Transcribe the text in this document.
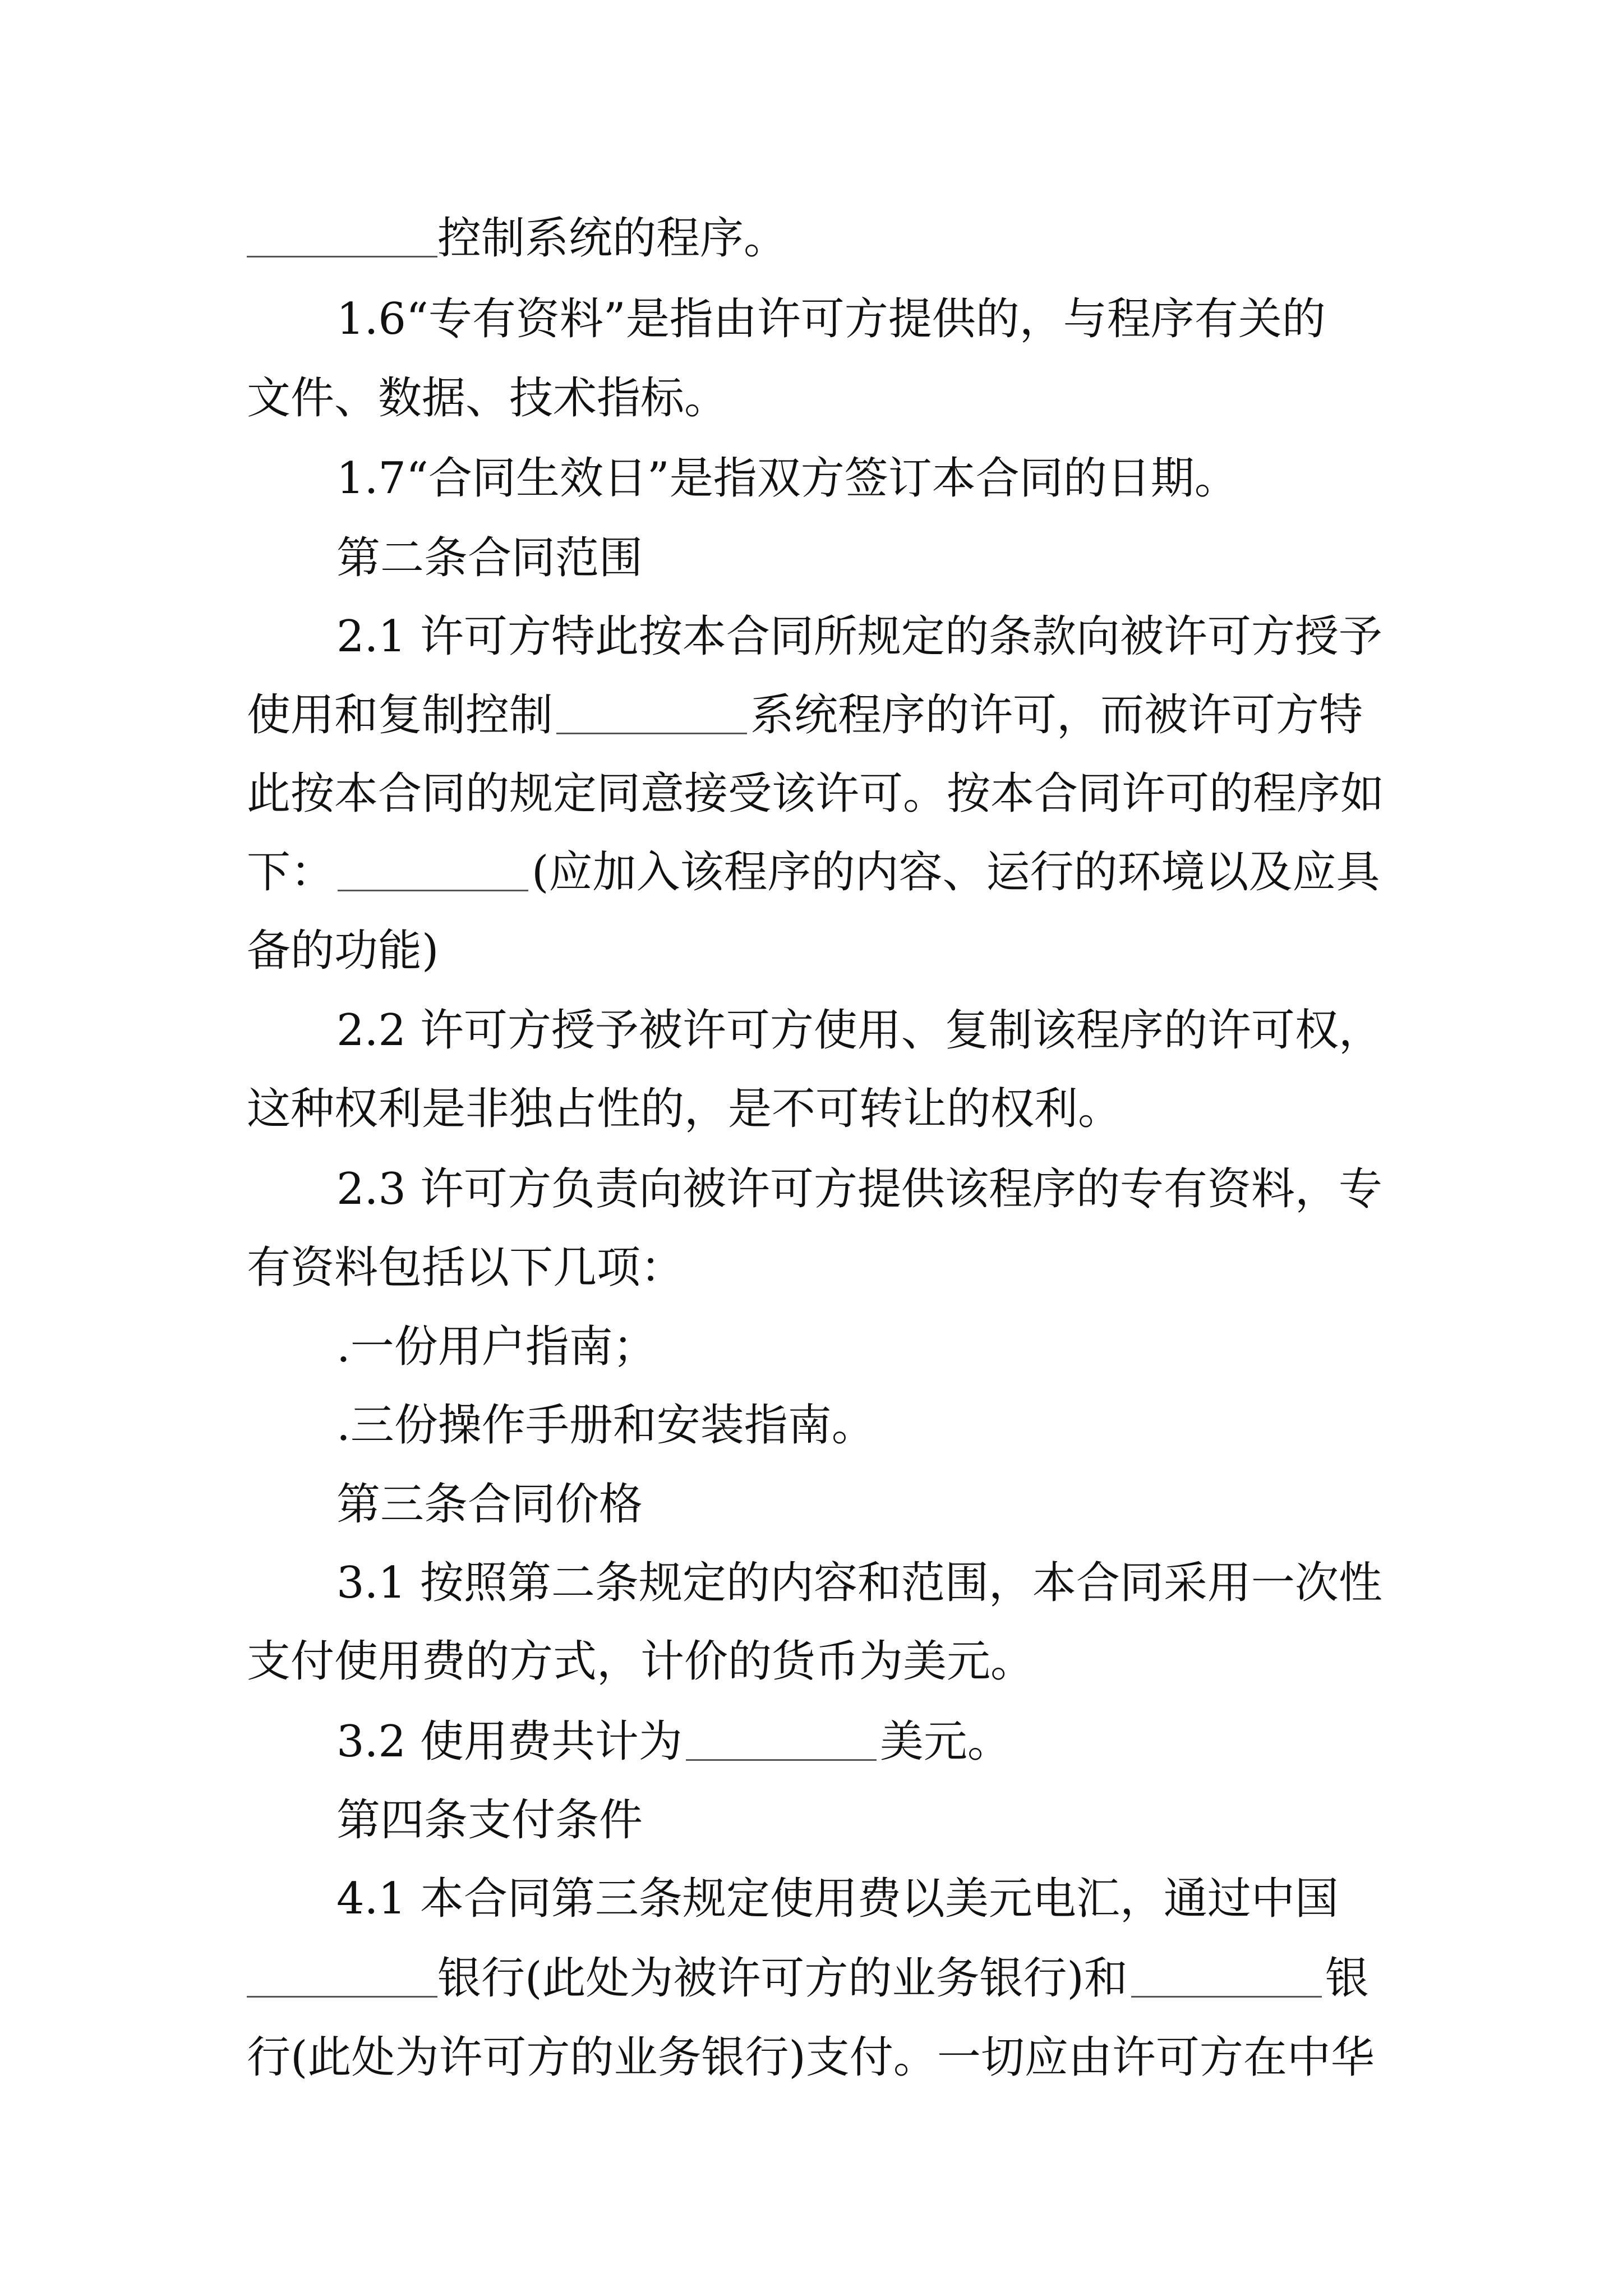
控制系统的程序。
1.6“专有资料”是指由许可方提供的，与程序有关的
文件、数据、技术指标。
1.7“合同生效日”是指双方签订本合同的日期。
第二条合同范围
2.1 许可方特此按本合同所规定的条款向被许可方授予
使用和复制控制	系统程序的许可，而被许可方特
此按本合同的规定同意接受该许可。按本合同许可的程序如
下：	(应加入该程序的内容、运行的环境以及应具
备的功能)
2.2 许可方授予被许可方使用、复制该程序的许可权，
这种权利是非独占性的，是不可转让的权利。
2.3 许可方负责向被许可方提供该程序的专有资料，专
有资料包括以下几项：
.一份用户指南；
.三份操作手册和安装指南。
第三条合同价格
3.1 按照第二条规定的内容和范围，本合同采用一次性
支付使用费的方式，计价的货币为美元。
3.2 使用费共计为	美元。
第四条支付条件
4.1 本合同第三条规定使用费以美元电汇，通过中国
银行(此处为被许可方的业务银行)和	银
行(此处为许可方的业务银行)支付。一切应由许可方在中华
